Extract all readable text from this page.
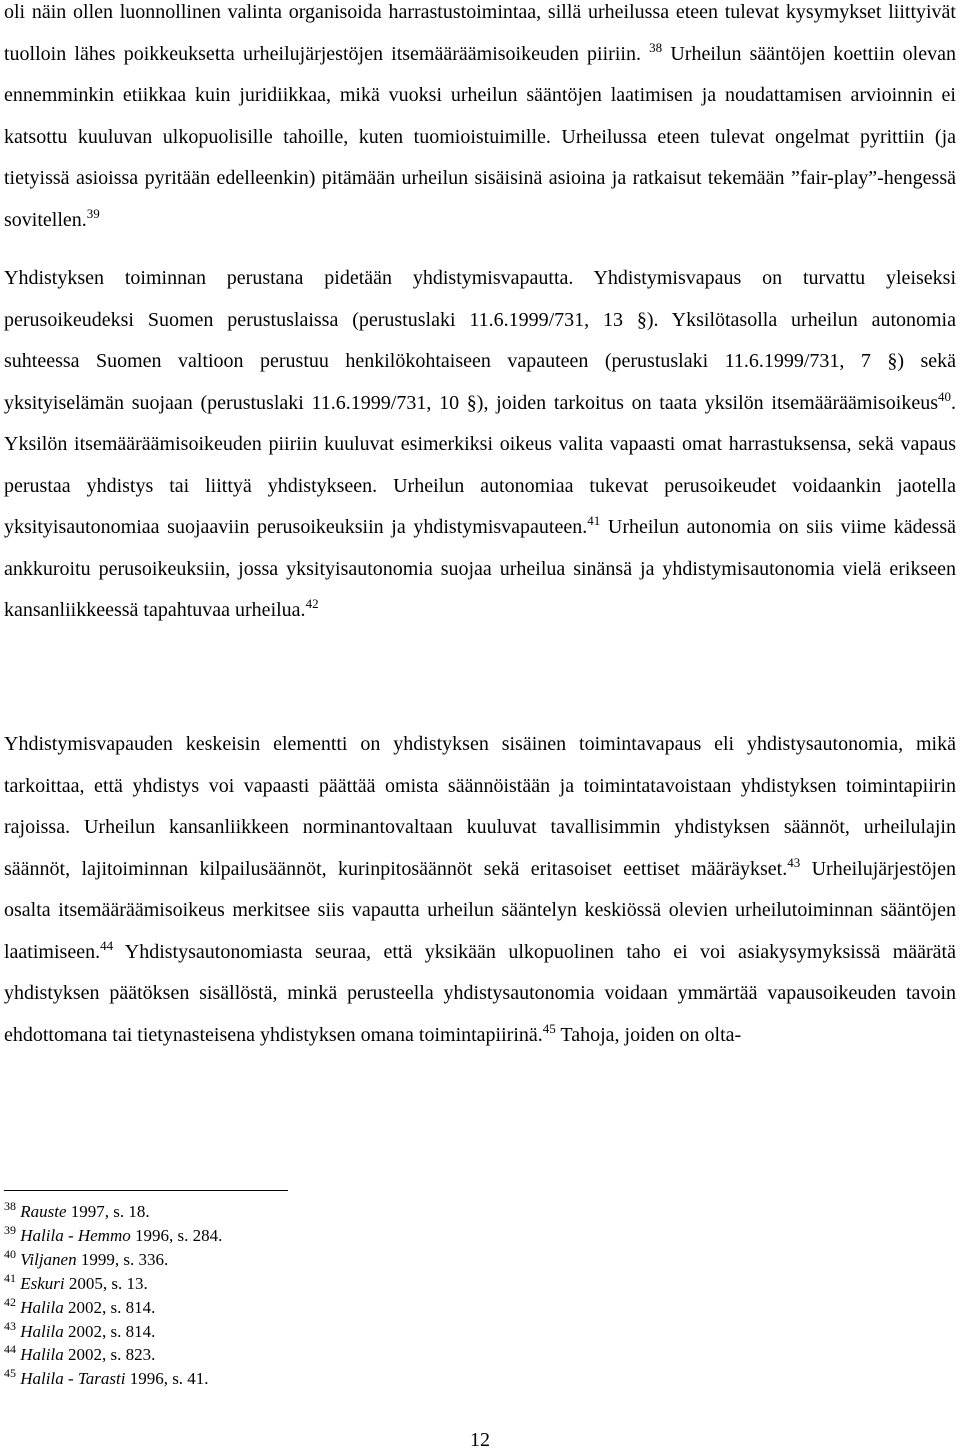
oli näin ollen luonnollinen valinta organisoida harrastustoimintaa, sillä urheilussa eteen tulevat kysymykset liittyivät tuolloin lähes poikkeuksetta urheilujärjestöjen itsemääräämisoikeuden piiriin. $^{38}$ Urheilun sääntöjen koettiin olevan ennemminkin etiikkaa kuin juridiikkaa, mikä vuoksi urheilun sääntöjen laatimisen ja noudattamisen arvioinnin ei katsottu kuuluvan ulkopuolisille tahoille, kuten tuomioistuimille. Urheilussa eteen tulevat ongelmat pyrittiin (ja tietyissä asioissa pyritään edelleenkin) pitämään urheilun sisäisinä asioina ja ratkaisut tekemään ”fair-play”-hengessä sovitellen.$^{39}$

Yhdistyksen toiminnan perustana pidetään yhdistymisvapautta. Yhdistymisvapaus on turvattu yleiseksi perusoikeudeksi Suomen perustuslaissa (perustuslaki 11.6.1999/731, 13 §). Yksilötasolla urheilun autonomia suhteessa Suomen valtioon perustuu henkilökohtaiseen vapauteen (perustuslaki 11.6.1999/731, 7 §) sekä yksityiselämän suojaan (perustuslaki 11.6.1999/731, 10 §), joiden tarkoitus on taata yksilön itsemääräämisoikeus$^{40}$. Yksilön itsemääräämisoikeuden piiriin kuuluvat esimerkiksi oikeus valita vapaasti omat harrastuksensa, sekä vapaus perustaa yhdistys tai liittyä yhdistykseen. Urheilun autonomiaa tukevat perusoikeudet voidaankin jaotella yksityisautonomiaa suojaaviin perusoikeuksiin ja yhdistymisvapauteen.$^{41}$ Urheilun autonomia on siis viime kädessä ankkuroitu perusoikeuksiin, jossa yksityisautonomia suojaa urheilua sinänsä ja yhdistymisautonomia vielä erikseen kansanliikkeessä tapahtuvaa urheilua.$^{42}$

Yhdistymisvapauden keskeisin elementti on yhdistyksen sisäinen toimintavapaus eli yhdistysautonomia, mikä tarkoittaa, että yhdistys voi vapaasti päättää omista säännöistään ja toimintatavoistaan yhdistyksen toimintapiirin rajoissa. Urheilun kansanliikkeen norminantovaltaan kuuluvat tavallisimmin yhdistyksen säännöt, urheilulajin säännöt, lajitoiminnan kilpailusäännöt, kurinpitosäännöt sekä eritasoiset eettiset määräykset.$^{43}$ Urheilujärjestöjen osalta itsemääräämisoikeus merkitsee siis vapautta urheilun sääntelyn keskiössä olevien urheilutoiminnan sääntöjen laatimiseen.$^{44}$ Yhdistysautonomiasta seuraa, että yksikään ulkopuolinen taho ei voi asiakysymyksissä määrätä yhdistyksen päätöksen sisällöstä, minkä perusteella yhdistysautonomia voidaan ymmärtää vapausoikeuden tavoin ehdottomana tai tietynasteisena yhdistyksen omana toimintapiirinä.$^{45}$ Tahoja, joiden on olta-

$^{38}$ Rauste 1997, s. 18.
$^{39}$ Halila - Hemmo 1996, s. 284.
$^{40}$ Viljanen 1999, s. 336.
$^{41}$ Eskuri 2005, s. 13.
$^{42}$ Halila 2002, s. 814.
$^{43}$ Halila 2002, s. 814.
$^{44}$ Halila 2002, s. 823.
$^{45}$ Halila - Tarasti 1996, s. 41.
12
